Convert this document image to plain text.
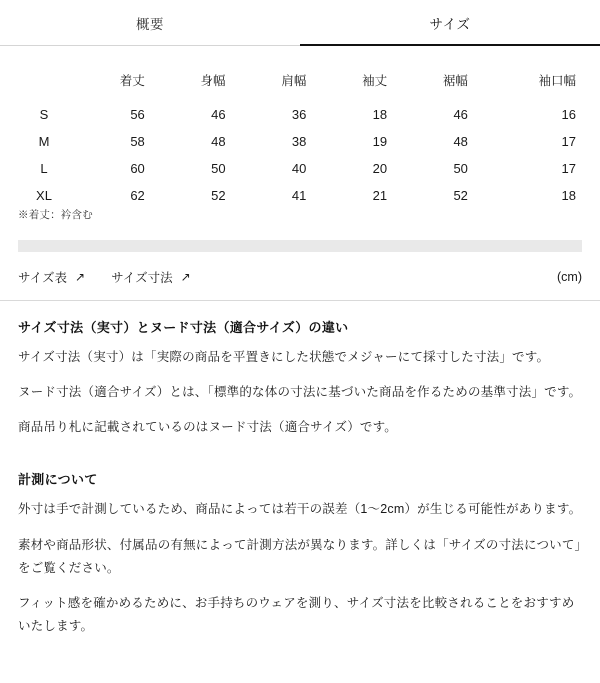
概要	サイズ
	着丈	身幅	肩幅	袖丈	裾幅	袖口幅
S	56	46	36	18	46	16
M	58	48	38	19	48	17
L	60	50	40	20	50	17
XL	62	52	41	21	52	18
※着丈：衿含む
サイズ表 ↗ サイズ寸法 ↗	(cm)
サイズ寸法（実寸）とヌード寸法（適合サイズ）の違い

サイズ寸法（実寸）は「実際の商品を平置きにした状態でメジャーにて採寸した寸法」です。

ヌード寸法（適合サイズ）とは、「標準的な体の寸法に基づいた商品を作るための基準寸法」です。

商品吊り札に記載されているのはヌード寸法（適合サイズ）です。

計測について

外寸は手で計測しているため、商品によっては若干の誤差（1〜2cm）が生じる可能性があります。

素材や商品形状、付属品の有無によって計測方法が異なります。詳しくは「サイズの寸法について」をご覧ください。

フィット感を確かめるために、お手持ちのウェアを測り、サイズ寸法を比較されることをおすすめいたします。
